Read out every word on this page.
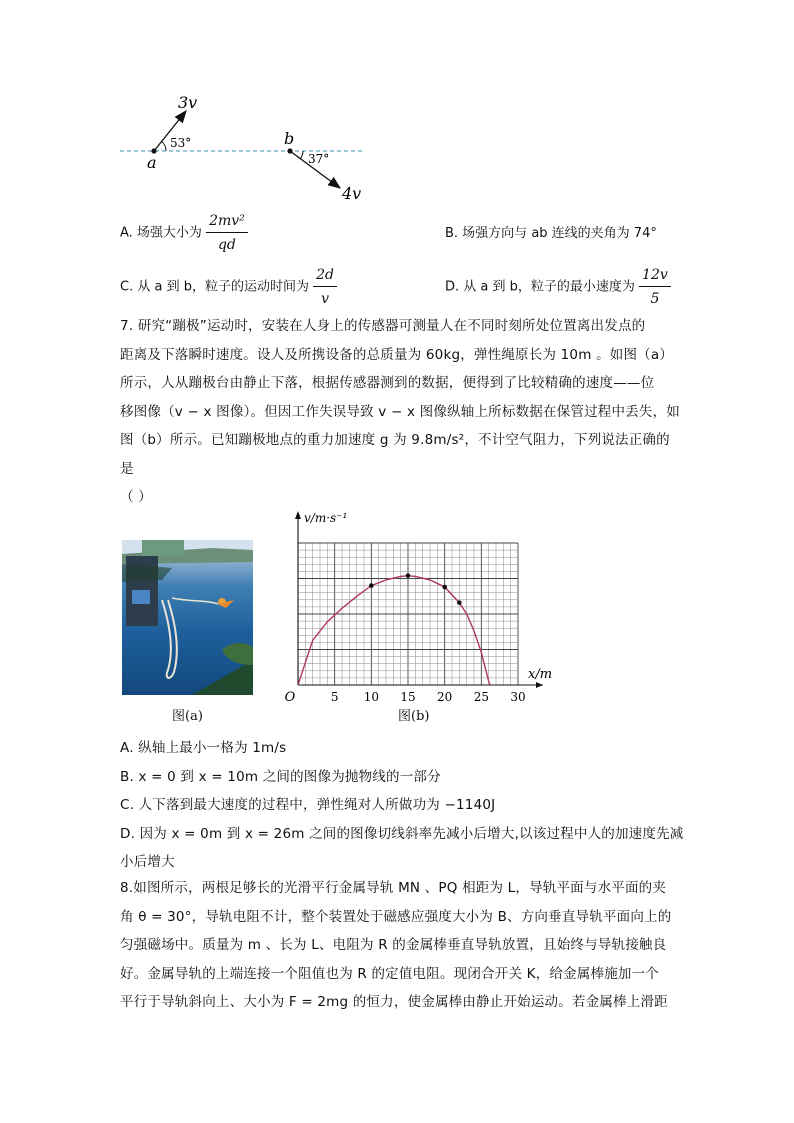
3v
53°
a
b
37°
4v
A. 场强大小为 $\frac{\text{2mv²}}{qd}$	B. 场强方向与 ab 连线的夹角为 74°
C. 从 a 到 b，粒子的运动时间为 $\frac{2d}{v}$	D. 从 a 到 b，粒子的最小速度为 $\frac{12v}{5}$
7. 研究“蹦极”运动时，安装在人身上的传感器可测量人在不同时刻所处位置离出发点的
距离及下落瞬时速度。设人及所携设备的总质量为 60kg，弹性绳原长为 10m 。如图（a）
所示，人从蹦极台由静止下落，根据传感器测到的数据，便得到了比较精确的速度——位
移图像（v − x 图像）。但因工作失误导致 v − x 图像纵轴上所标数据在保管过程中丢失，如
图（b）所示。已知蹦极地点的重力加速度 g 为 9.8m/s²，不计空气阻力，下列说法正确的是
（ ）
5 10 15 20 25 30
O
x/m
v/m·s⁻¹
图(a)	图(b)
A. 纵轴上最小一格为 1m/s
B. x = 0 到 x = 10m 之间的图像为抛物线的一部分
C. 人下落到最大速度的过程中，弹性绳对人所做功为 −1140J
D. 因为 x = 0m 到 x = 26m 之间的图像切线斜率先减小后增大,以该过程中人的加速度先减
小后增大
8.如图所示，两根足够长的光滑平行金属导轨 MN 、PQ 相距为 L，导轨平面与水平面的夹
角 θ = 30°，导轨电阻不计，整个装置处于磁感应强度大小为 B、方向垂直导轨平面向上的
匀强磁场中。质量为 m 、长为 L、电阻为 R 的金属棒垂直导轨放置，且始终与导轨接触良
好。金属导轨的上端连接一个阻值也为 R 的定值电阻。现闭合开关 K，给金属棒施加一个
平行于导轨斜向上、大小为 F = 2mg 的恒力，使金属棒由静止开始运动。若金属棒上滑距
